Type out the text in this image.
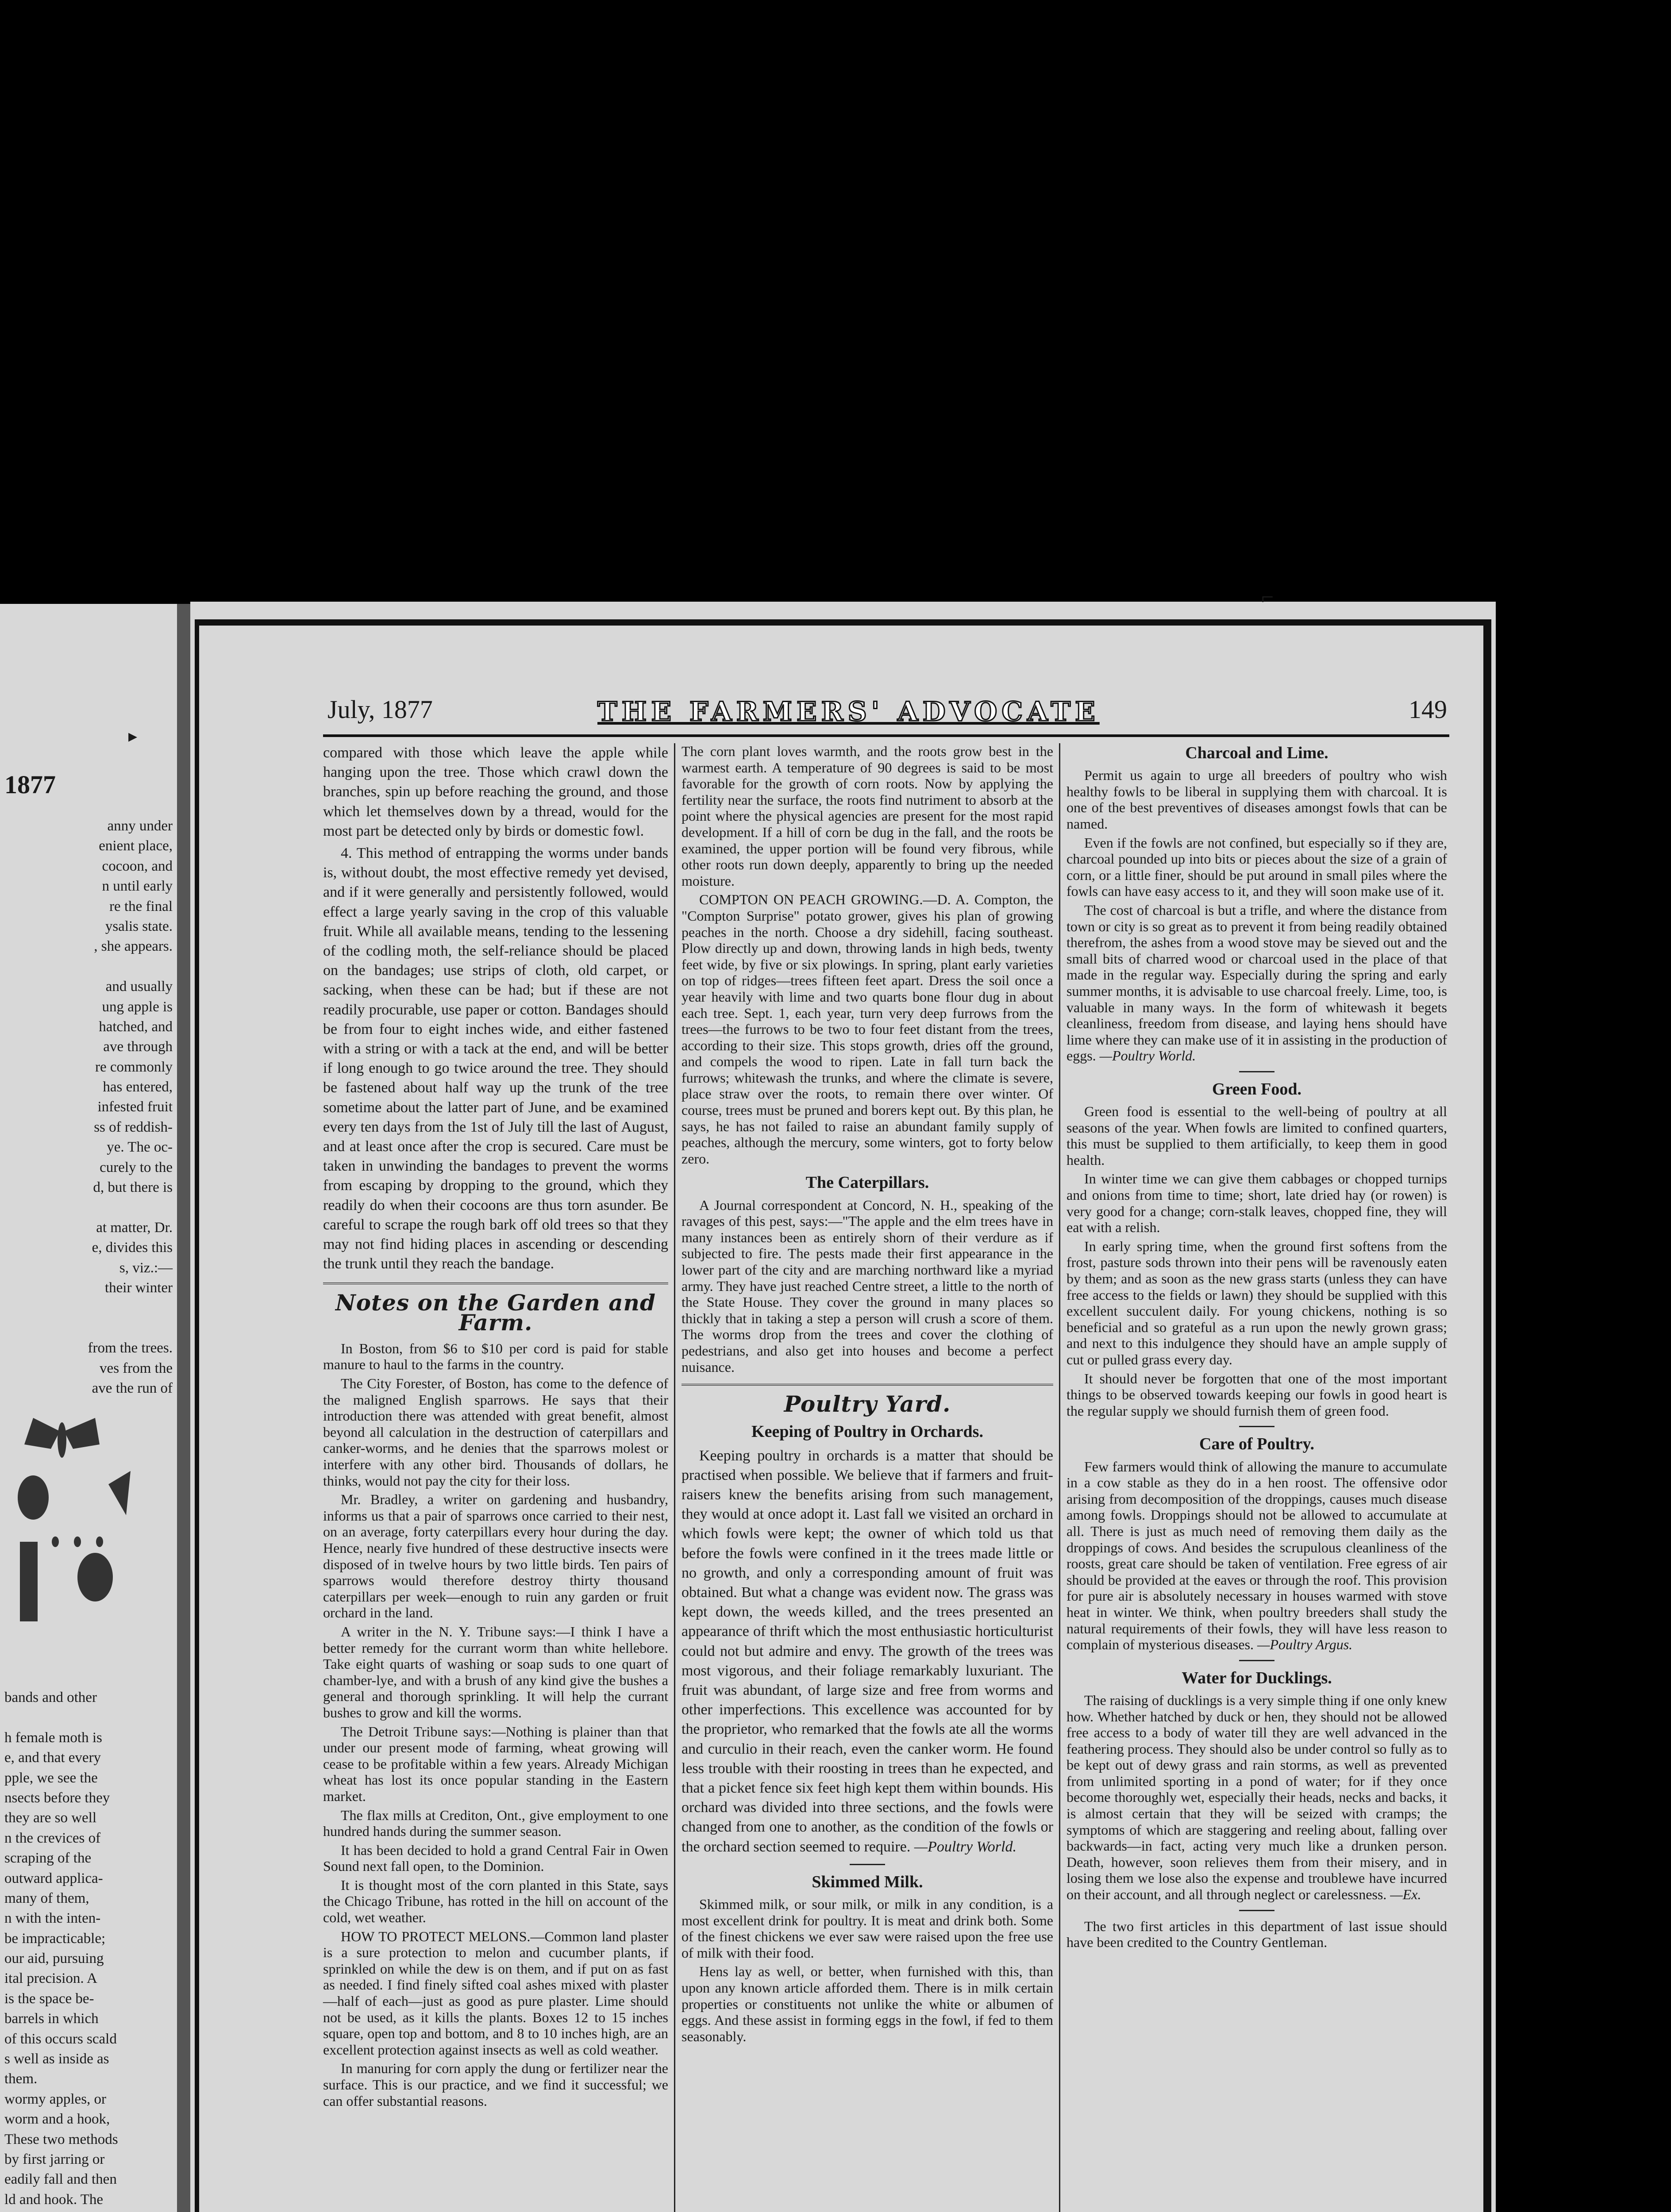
▸
1877
anny under
enient place,
cocoon, and
n until early
re the final
ysalis state.
, she appears.
and usually
ung apple is
hatched, and
ave through
re commonly
has entered,
infested fruit
ss of reddish-
ye. The oc-
curely to the
d, but there is
at matter, Dr.
e, divides this
s, viz.:—
their winter
from the trees.
ves from the
ave the run of
bands and other
h female moth is
e, and that every
pple, we see the
nsects before they
they are so well
n the crevices of
scraping of the
outward applica-
many of them,
n with the inten-
be impracticable;
our aid, pursuing
ital precision. A
is the space be-
barrels in which
of this occurs scald
s well as inside as
them.
wormy apples, or
worm and a hook,
These two methods
by first jarring or
eadily fall and then
ld and hook. The
⌐
July, 1877	THE FARMERS' ADVOCATE	149

compared with those which leave the apple while hanging upon the tree. Those which crawl down the branches, spin up before reaching the ground, and those which let themselves down by a thread, would for the most part be detected only by birds or domestic fowl.

4. This method of entrapping the worms under bands is, without doubt, the most effective remedy yet devised, and if it were generally and persistently followed, would effect a large yearly saving in the crop of this valuable fruit. While all available means, tending to the lessening of the codling moth, the self-reliance should be placed on the bandages; use strips of cloth, old carpet, or sacking, when these can be had; but if these are not readily procurable, use paper or cotton. Bandages should be from four to eight inches wide, and either fastened with a string or with a tack at the end, and will be better if long enough to go twice around the tree. They should be fastened about half way up the trunk of the tree sometime about the latter part of June, and be examined every ten days from the 1st of July till the last of August, and at least once after the crop is secured. Care must be taken in unwinding the bandages to prevent the worms from escaping by dropping to the ground, which they readily do when their cocoons are thus torn asunder. Be careful to scrape the rough bark off old trees so that they may not find hiding places in ascending or descending the trunk until they reach the bandage.

Notes on the Garden and Farm.

In Boston, from $6 to $10 per cord is paid for stable manure to haul to the farms in the country.

The City Forester, of Boston, has come to the defence of the maligned English sparrows. He says that their introduction there was attended with great benefit, almost beyond all calculation in the destruction of caterpillars and canker-worms, and he denies that the sparrows molest or interfere with any other bird. Thousands of dollars, he thinks, would not pay the city for their loss.

Mr. Bradley, a writer on gardening and husbandry, informs us that a pair of sparrows once carried to their nest, on an average, forty caterpillars every hour during the day. Hence, nearly five hundred of these destructive insects were disposed of in twelve hours by two little birds. Ten pairs of sparrows would therefore destroy thirty thousand caterpillars per week—enough to ruin any garden or fruit orchard in the land.

A writer in the N. Y. Tribune says:—I think I have a better remedy for the currant worm than white hellebore. Take eight quarts of washing or soap suds to one quart of chamber-lye, and with a brush of any kind give the bushes a general and thorough sprinkling. It will help the currant bushes to grow and kill the worms.

The Detroit Tribune says:—Nothing is plainer than that under our present mode of farming, wheat growing will cease to be profitable within a few years. Already Michigan wheat has lost its once popular standing in the Eastern market.

The flax mills at Crediton, Ont., give employment to one hundred hands during the summer season.

It has been decided to hold a grand Central Fair in Owen Sound next fall open, to the Dominion.

It is thought most of the corn planted in this State, says the Chicago Tribune, has rotted in the hill on account of the cold, wet weather.

HOW TO PROTECT MELONS.—Common land plaster is a sure protection to melon and cucumber plants, if sprinkled on while the dew is on them, and if put on as fast as needed. I find finely sifted coal ashes mixed with plaster—half of each—just as good as pure plaster. Lime should not be used, as it kills the plants. Boxes 12 to 15 inches square, open top and bottom, and 8 to 10 inches high, are an excellent protection against insects as well as cold weather.

In manuring for corn apply the dung or fertilizer near the surface. This is our practice, and we find it successful; we can offer substantial reasons.

The corn plant loves warmth, and the roots grow best in the warmest earth. A temperature of 90 degrees is said to be most favorable for the growth of corn roots. Now by applying the fertility near the surface, the roots find nutriment to absorb at the point where the physical agencies are present for the most rapid development. If a hill of corn be dug in the fall, and the roots be examined, the upper portion will be found very fibrous, while other roots run down deeply, apparently to bring up the needed moisture.

COMPTON ON PEACH GROWING.—D. A. Compton, the "Compton Surprise" potato grower, gives his plan of growing peaches in the north. Choose a dry sidehill, facing southeast. Plow directly up and down, throwing lands in high beds, twenty feet wide, by five or six plowings. In spring, plant early varieties on top of ridges—trees fifteen feet apart. Dress the soil once a year heavily with lime and two quarts bone flour dug in about each tree. Sept. 1, each year, turn very deep furrows from the trees—the furrows to be two to four feet distant from the trees, according to their size. This stops growth, dries off the ground, and compels the wood to ripen. Late in fall turn back the furrows; whitewash the trunks, and where the climate is severe, place straw over the roots, to remain there over winter. Of course, trees must be pruned and borers kept out. By this plan, he says, he has not failed to raise an abundant family supply of peaches, although the mercury, some winters, got to forty below zero.

The Caterpillars.

A Journal correspondent at Concord, N. H., speaking of the ravages of this pest, says:—"The apple and the elm trees have in many instances been as entirely shorn of their verdure as if subjected to fire. The pests made their first appearance in the lower part of the city and are marching northward like a myriad army. They have just reached Centre street, a little to the north of the State House. They cover the ground in many places so thickly that in taking a step a person will crush a score of them. The worms drop from the trees and cover the clothing of pedestrians, and also get into houses and become a perfect nuisance.

Poultry Yard.
Keeping of Poultry in Orchards.

Keeping poultry in orchards is a matter that should be practised when possible. We believe that if farmers and fruit-raisers knew the benefits arising from such management, they would at once adopt it. Last fall we visited an orchard in which fowls were kept; the owner of which told us that before the fowls were confined in it the trees made little or no growth, and only a corresponding amount of fruit was obtained. But what a change was evident now. The grass was kept down, the weeds killed, and the trees presented an appearance of thrift which the most enthusiastic horticulturist could not but admire and envy. The growth of the trees was most vigorous, and their foliage remarkably luxuriant. The fruit was abundant, of large size and free from worms and other imperfections. This excellence was accounted for by the proprietor, who remarked that the fowls ate all the worms and curculio in their reach, even the canker worm. He found less trouble with their roosting in trees than he expected, and that a picket fence six feet high kept them within bounds. His orchard was divided into three sections, and the fowls were changed from one to another, as the condition of the fowls or the orchard section seemed to require. —Poultry World.

Skimmed Milk.

Skimmed milk, or sour milk, or milk in any condition, is a most excellent drink for poultry. It is meat and drink both. Some of the finest chickens we ever saw were raised upon the free use of milk with their food.

Hens lay as well, or better, when furnished with this, than upon any known article afforded them. There is in milk certain properties or constituents not unlike the white or albumen of eggs. And these assist in forming eggs in the fowl, if fed to them seasonably.

Charcoal and Lime.

Permit us again to urge all breeders of poultry who wish healthy fowls to be liberal in supplying them with charcoal. It is one of the best preventives of diseases amongst fowls that can be named.

Even if the fowls are not confined, but especially so if they are, charcoal pounded up into bits or pieces about the size of a grain of corn, or a little finer, should be put around in small piles where the fowls can have easy access to it, and they will soon make use of it.

The cost of charcoal is but a trifle, and where the distance from town or city is so great as to prevent it from being readily obtained therefrom, the ashes from a wood stove may be sieved out and the small bits of charred wood or charcoal used in the place of that made in the regular way. Especially during the spring and early summer months, it is advisable to use charcoal freely. Lime, too, is valuable in many ways. In the form of whitewash it begets cleanliness, freedom from disease, and laying hens should have lime where they can make use of it in assisting in the production of eggs. —Poultry World.

Green Food.

Green food is essential to the well-being of poultry at all seasons of the year. When fowls are limited to confined quarters, this must be supplied to them artificially, to keep them in good health.

In winter time we can give them cabbages or chopped turnips and onions from time to time; short, late dried hay (or rowen) is very good for a change; corn-stalk leaves, chopped fine, they will eat with a relish.

In early spring time, when the ground first softens from the frost, pasture sods thrown into their pens will be ravenously eaten by them; and as soon as the new grass starts (unless they can have free access to the fields or lawn) they should be supplied with this excellent succulent daily. For young chickens, nothing is so beneficial and so grateful as a run upon the newly grown grass; and next to this indulgence they should have an ample supply of cut or pulled grass every day.

It should never be forgotten that one of the most important things to be observed towards keeping our fowls in good heart is the regular supply we should furnish them of green food.

Care of Poultry.

Few farmers would think of allowing the manure to accumulate in a cow stable as they do in a hen roost. The offensive odor arising from decomposition of the droppings, causes much disease among fowls. Droppings should not be allowed to accumulate at all. There is just as much need of removing them daily as the droppings of cows. And besides the scrupulous cleanliness of the roosts, great care should be taken of ventilation. Free egress of air should be provided at the eaves or through the roof. This provision for pure air is absolutely necessary in houses warmed with stove heat in winter. We think, when poultry breeders shall study the natural requirements of their fowls, they will have less reason to complain of mysterious diseases. —Poultry Argus.

Water for Ducklings.

The raising of ducklings is a very simple thing if one only knew how. Whether hatched by duck or hen, they should not be allowed free access to a body of water till they are well advanced in the feathering process. They should also be under control so fully as to be kept out of dewy grass and rain storms, as well as prevented from unlimited sporting in a pond of water; for if they once become thoroughly wet, especially their heads, necks and backs, it is almost certain that they will be seized with cramps; the symptoms of which are staggering and reeling about, falling over backwards—in fact, acting very much like a drunken person. Death, however, soon relieves them from their misery, and in losing them we lose also the expense and troublewe have incurred on their account, and all through neglect or carelessness. —Ex.

The two first articles in this department of last issue should have been credited to the Country Gentleman.
